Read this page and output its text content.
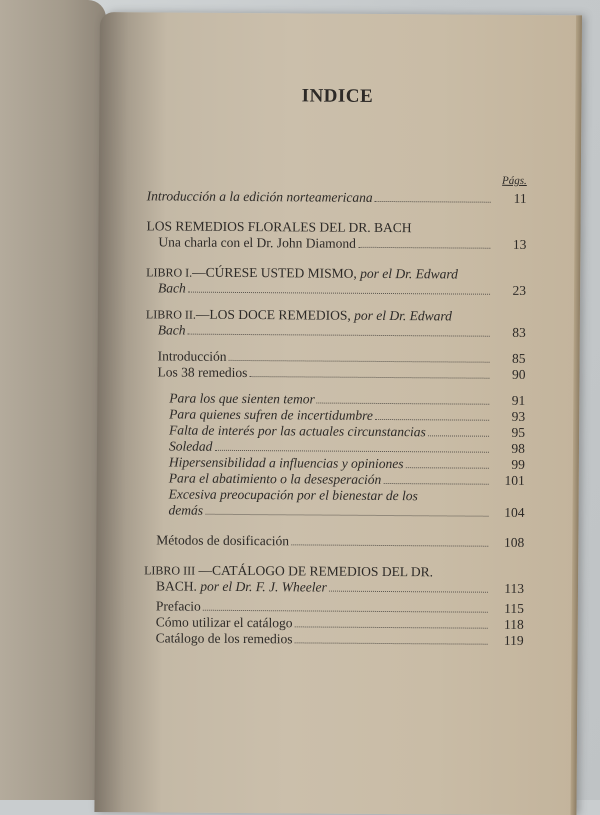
INDICE
Págs.
Introducción a la edición norteamericana	11
LOS REMEDIOS FLORALES DEL DR. BACH
Una charla con el Dr. John Diamond	13
LIBRO I.—CÚRESE USTED MISMO, por el Dr. Edward
Bach	23
LIBRO II.—LOS DOCE REMEDIOS, por el Dr. Edward
Bach	83
Introducción	85
Los 38 remedios	90
Para los que sienten temor	91
Para quienes sufren de incertidumbre	93
Falta de interés por las actuales circunstancias	95
Soledad	98
Hipersensibilidad a influencias y opiniones	99
Para el abatimiento o la desesperación	101
Excesiva preocupación por el bienestar de los
demás	104
Métodos de dosificación	108
LIBRO III —CATÁLOGO DE REMEDIOS DEL DR.
BACH. por el Dr. F. J. Wheeler	113
Prefacio	115
Cómo utilizar el catálogo	118
Catálogo de los remedios	119
